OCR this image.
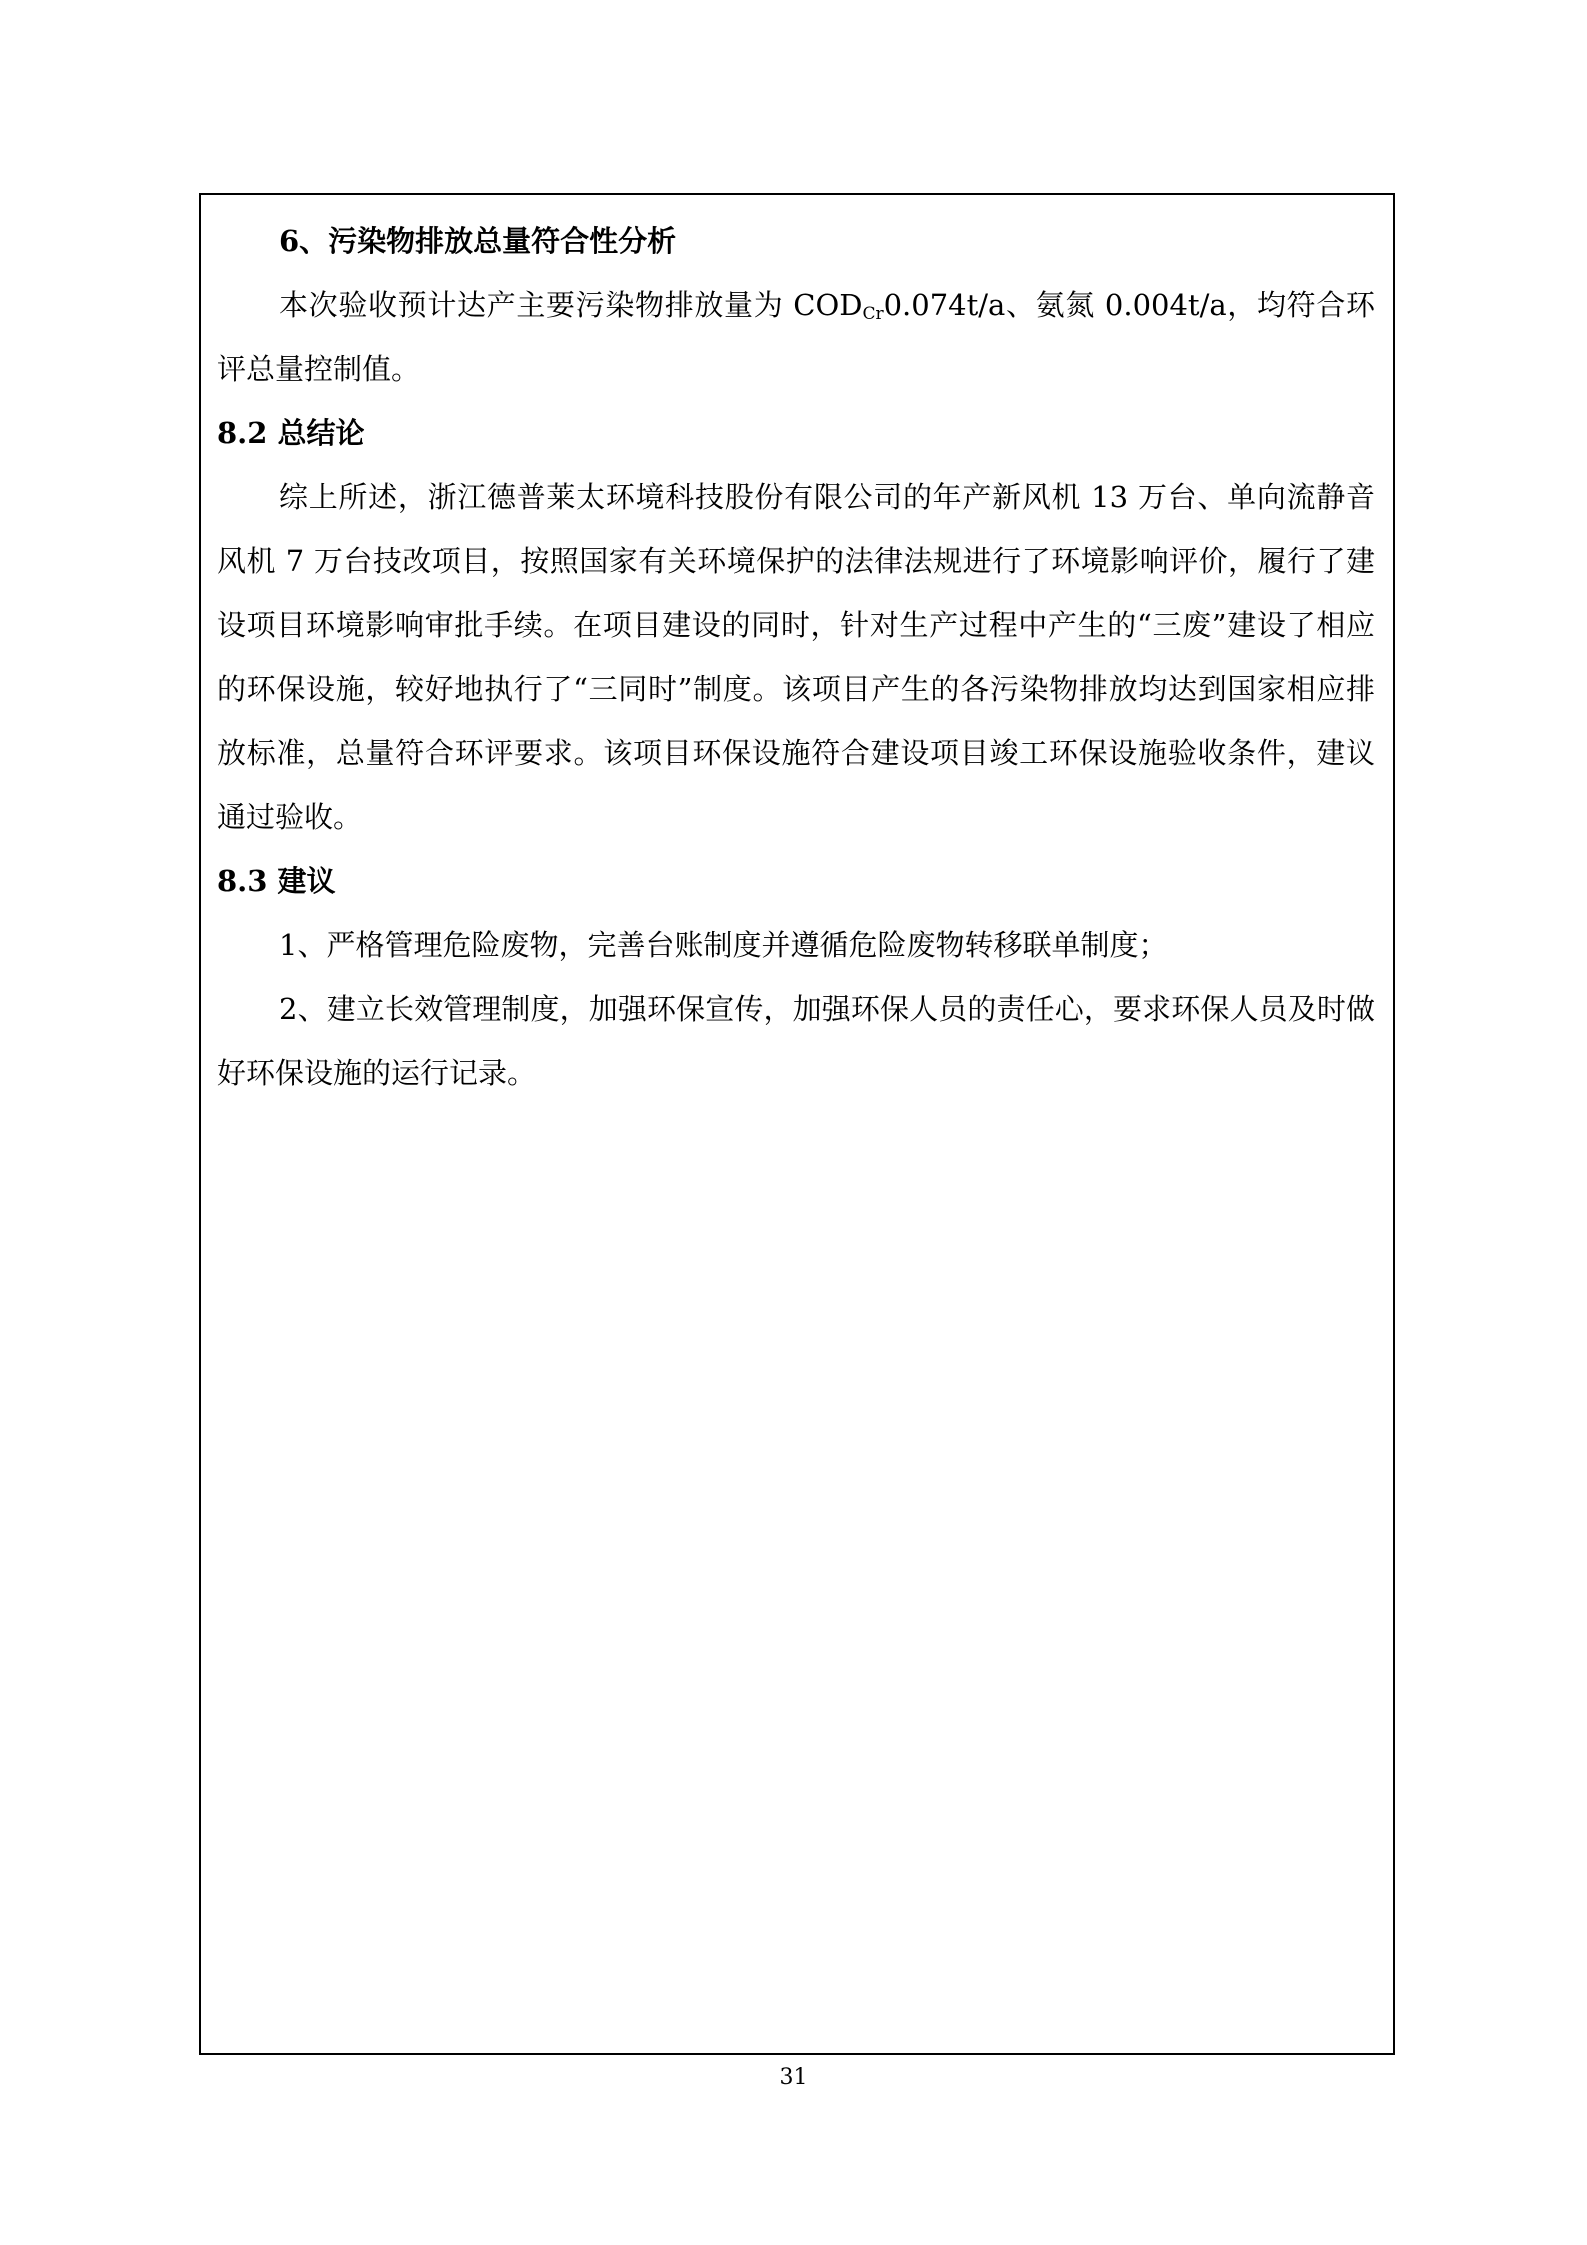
6、污染物排放总量符合性分析

本次验收预计达产主要污染物排放量为 $COD_{Cr}0.074t/a$、氨氮 0.004t/a，均符合环评总量控制值。

8.2 总结论

综上所述，浙江德普莱太环境科技股份有限公司的年产新风机 13 万台、单向流静音风机 7 万台技改项目，按照国家有关环境保护的法律法规进行了环境影响评价，履行了建设项目环境影响审批手续。在项目建设的同时，针对生产过程中产生的“三废”建设了相应的环保设施，较好地执行了“三同时”制度。该项目产生的各污染物排放均达到国家相应排放标准，总量符合环评要求。该项目环保设施符合建设项目竣工环保设施验收条件，建议通过验收。

8.3 建议

1、严格管理危险废物，完善台账制度并遵循危险废物转移联单制度；

2、建立长效管理制度，加强环保宣传，加强环保人员的责任心，要求环保人员及时做好环保设施的运行记录。

31
